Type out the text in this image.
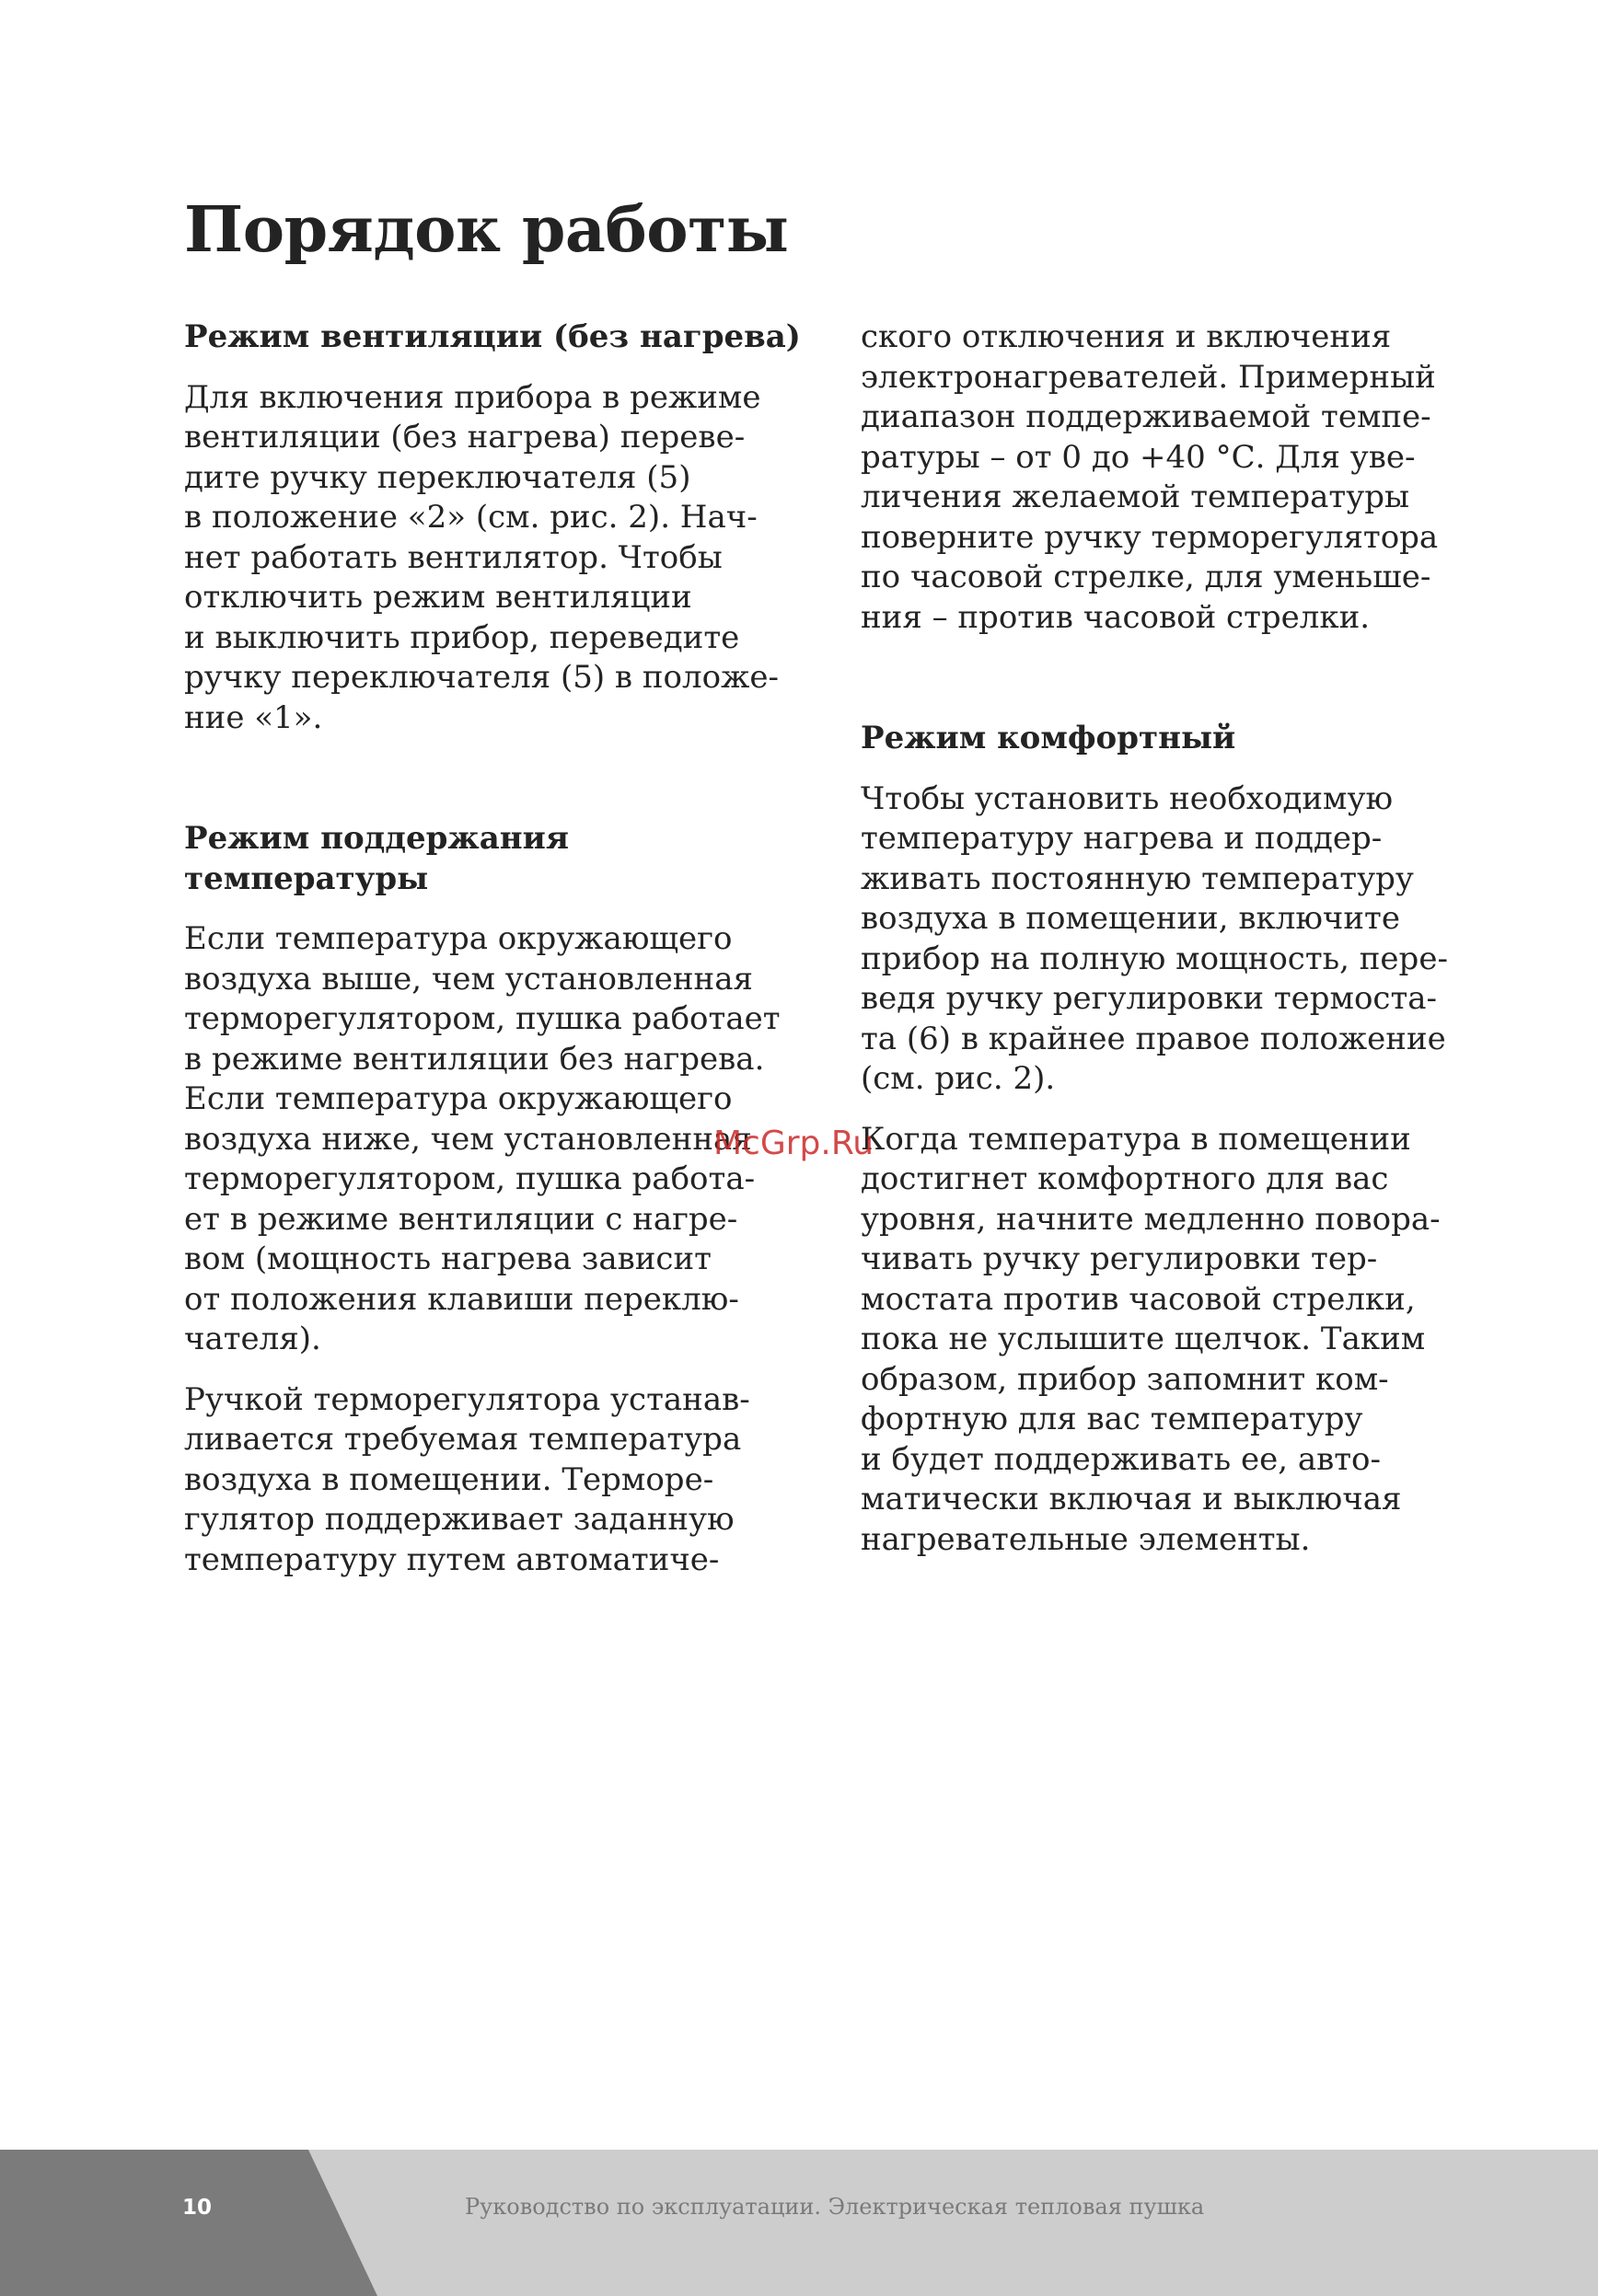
Порядок работы
Режим вентиляции (без нагрева)
Для включения прибора в режиме
вентиляции (без нагрева) переве-
дите ручку переключателя (5)
в положение «2» (см. рис. 2). Нач-
нет работать вентилятор. Чтобы
отключить режим вентиляции
и выключить прибор, переведите
ручку переключателя (5) в положе-
ние «1».
Режим поддержания
температуры
Если температура окружающего
воздуха выше, чем установленная
терморегулятором, пушка работает
в режиме вентиляции без нагрева.
Если температура окружающего
воздуха ниже, чем установленная
терморегулятором, пушка работа-
ет в режиме вентиляции с нагре-
вом (мощность нагрева зависит
от положения клавиши переклю-
чателя).
Ручкой терморегулятора устанав-
ливается требуемая температура
воздуха в помещении. Терморе-
гулятор поддерживает заданную
температуру путем автоматиче-
ского отключения и включения
электронагревателей. Примерный
диапазон поддерживаемой темпе-
ратуры – от 0 до +40 °С. Для уве-
личения желаемой температуры
поверните ручку терморегулятора
по часовой стрелке, для уменьше-
ния – против часовой стрелки.
Режим комфортный
Чтобы установить необходимую
температуру нагрева и поддер-
живать постоянную температуру
воздуха в помещении, включите
прибор на полную мощность, пере-
ведя ручку регулировки термоста-
та (6) в крайнее правое положение
(см. рис. 2).
Когда температура в помещении
достигнет комфортного для вас
уровня, начните медленно повора-
чивать ручку регулировки тер-
мостата против часовой стрелки,
пока не услышите щелчок. Таким
образом, прибор запомнит ком-
фортную для вас температуру
и будет поддерживать ее, авто-
матически включая и выключая
нагревательные элементы.
McGrp.Ru
10	Руководство по эксплуатации. Электрическая тепловая пушка
